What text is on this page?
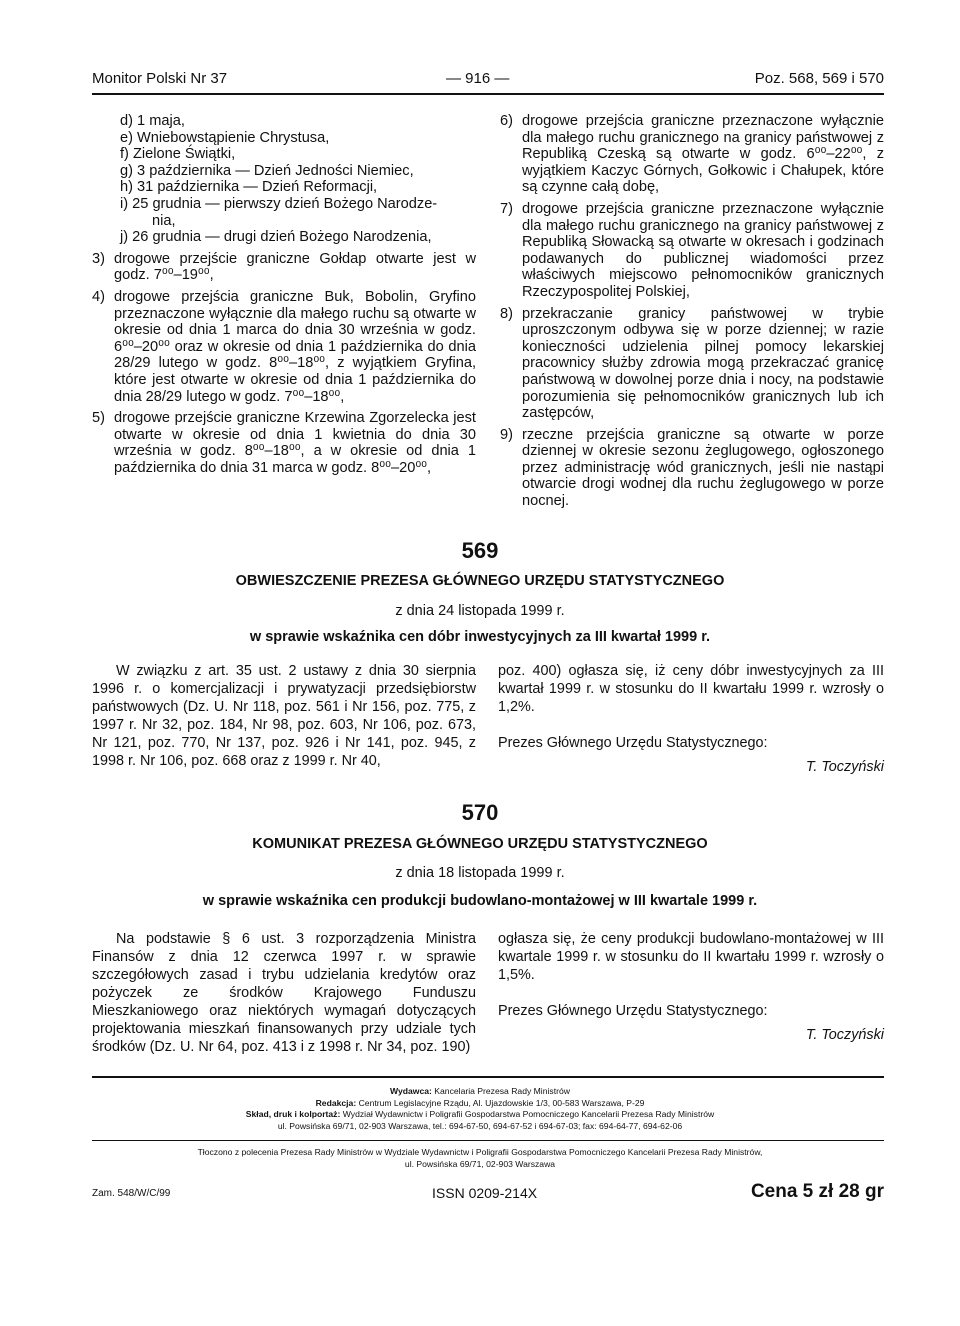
Monitor Polski Nr 37	— 916 —	Poz. 568, 569 i 570

d) 1 maja,

e) Wniebowstąpienie Chrystusa,

f) Zielone Świątki,

g) 3 października — Dzień Jedności Niemiec,

h) 31 października — Dzień Reformacji,

i) 25 grudnia — pierwszy dzień Bożego Narodze-

nia,

j) 26 grudnia — drugi dzień Bożego Narodzenia,

3) drogowe przejście graniczne Gołdap otwarte jest w godz. 7⁰⁰–19⁰⁰,
4) drogowe przejścia graniczne Buk, Bobolin, Gryfino przeznaczone wyłącznie dla małego ruchu są otwarte w okresie od dnia 1 marca do dnia 30 września w godz. 6⁰⁰–20⁰⁰ oraz w okresie od dnia 1 października do dnia 28/29 lutego w godz. 8⁰⁰–18⁰⁰, z wyjątkiem Gryfina, które jest otwarte w okresie od dnia 1 października do dnia 28/29 lutego w godz. 7⁰⁰–18⁰⁰,
5) drogowe przejście graniczne Krzewina Zgorzelecka jest otwarte w okresie od dnia 1 kwietnia do dnia 30 września w godz. 8⁰⁰–18⁰⁰, a w okresie od dnia 1 października do dnia 31 marca w godz. 8⁰⁰–20⁰⁰,
6) drogowe przejścia graniczne przeznaczone wyłącznie dla małego ruchu granicznego na granicy państwowej z Republiką Czeską są otwarte w godz. 6⁰⁰–22⁰⁰, z wyjątkiem Kaczyc Górnych, Gołkowic i Chałupek, które są czynne całą dobę,
7) drogowe przejścia graniczne przeznaczone wyłącznie dla małego ruchu granicznego na granicy państwowej z Republiką Słowacką są otwarte w okresach i godzinach podawanych do publicznej wiadomości przez właściwych miejscowo pełnomocników granicznych Rzeczypospolitej Polskiej,
8) przekraczanie granicy państwowej w trybie uproszczonym odbywa się w porze dziennej; w razie konieczności udzielenia pilnej pomocy lekarskiej pracownicy służby zdrowia mogą przekraczać granicę państwową w dowolnej porze dnia i nocy, na podstawie porozumienia się pełnomocników granicznych lub ich zastępców,
9) rzeczne przejścia graniczne są otwarte w porze dziennej w okresie sezonu żeglugowego, ogłoszonego przez administrację wód granicznych, jeśli nie nastąpi otwarcie drogi wodnej dla ruchu żeglugowego w porze nocnej.
569
OBWIESZCZENIE PREZESA GŁÓWNEGO URZĘDU STATYSTYCZNEGO
z dnia 24 listopada 1999 r.
w sprawie wskaźnika cen dóbr inwestycyjnych za III kwartał 1999 r.

W związku z art. 35 ust. 2 ustawy z dnia 30 sierpnia 1996 r. o komercjalizacji i prywatyzacji przedsiębiorstw państwowych (Dz. U. Nr 118, poz. 561 i Nr 156, poz. 775, z 1997 r. Nr 32, poz. 184, Nr 98, poz. 603, Nr 106, poz. 673, Nr 121, poz. 770, Nr 137, poz. 926 i Nr 141, poz. 945, z 1998 r. Nr 106, poz. 668 oraz z 1999 r. Nr 40,

poz. 400) ogłasza się, iż ceny dóbr inwestycyjnych za III kwartał 1999 r. w stosunku do II kwartału 1999 r. wzrosły o 1,2%.

Prezes Głównego Urzędu Statystycznego:

T. Toczyński

570
KOMUNIKAT PREZESA GŁÓWNEGO URZĘDU STATYSTYCZNEGO
z dnia 18 listopada 1999 r.
w sprawie wskaźnika cen produkcji budowlano-montażowej w III kwartale 1999 r.

Na podstawie § 6 ust. 3 rozporządzenia Ministra Finansów z dnia 12 czerwca 1997 r. w sprawie szczegółowych zasad i trybu udzielania kredytów oraz pożyczek ze środków Krajowego Funduszu Mieszkaniowego oraz niektórych wymagań dotyczących projektowania mieszkań finansowanych przy udziale tych środków (Dz. U. Nr 64, poz. 413 i z 1998 r. Nr 34, poz. 190)

ogłasza się, że ceny produkcji budowlano-montażowej w III kwartale 1999 r. w stosunku do II kwartału 1999 r. wzrosły o 1,5%.

Prezes Głównego Urzędu Statystycznego:

T. Toczyński

Wydawca: Kancelaria Prezesa Rady Ministrów
Redakcja: Centrum Legislacyjne Rządu, Al. Ujazdowskie 1/3, 00-583 Warszawa, P-29
Skład, druk i kolportaż: Wydział Wydawnictw i Poligrafii Gospodarstwa Pomocniczego Kancelarii Prezesa Rady Ministrów
ul. Powsińska 69/71, 02-903 Warszawa, tel.: 694-67-50, 694-67-52 i 694-67-03; fax: 694-64-77, 694-62-06
Tłoczono z polecenia Prezesa Rady Ministrów w Wydziale Wydawnictw i Poligrafii Gospodarstwa Pomocniczego Kancelarii Prezesa Rady Ministrów,
ul. Powsińska 69/71, 02-903 Warszawa
Zam. 548/W/C/99	ISSN 0209-214X	Cena 5 zł 28 gr
